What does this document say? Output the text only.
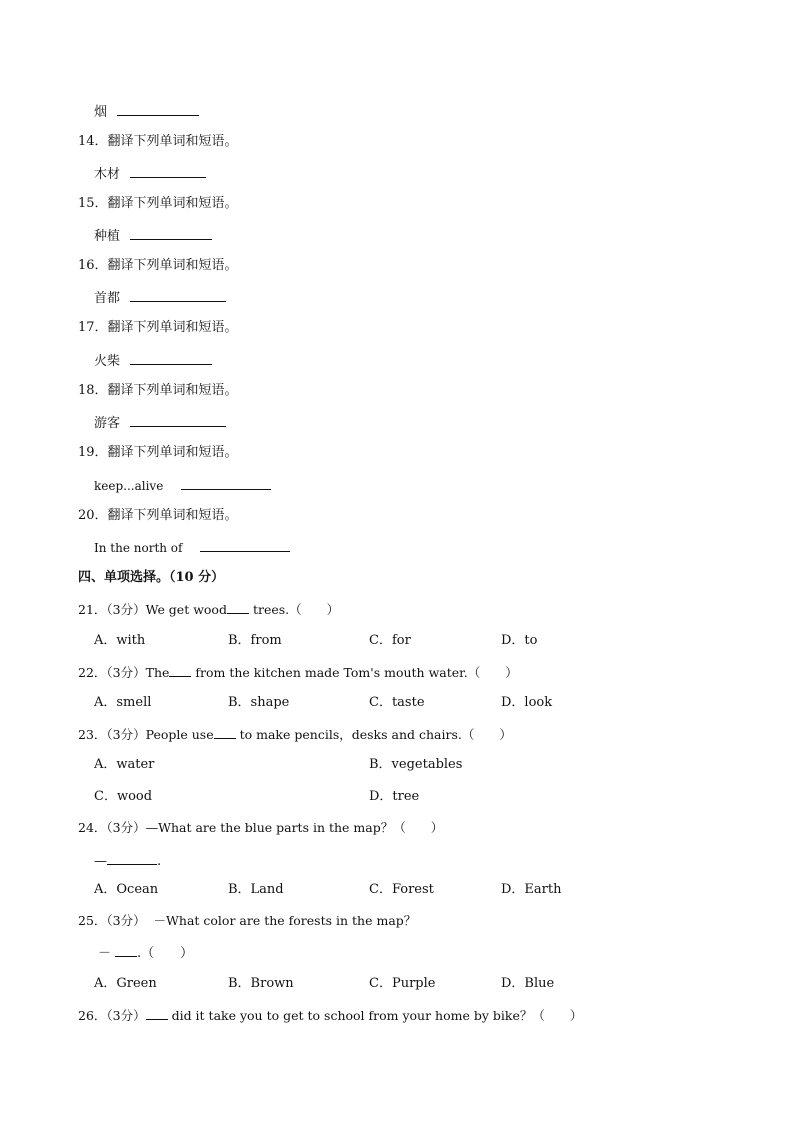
烟
14．翻译下列单词和短语。
木材
15．翻译下列单词和短语。
种植
16．翻译下列单词和短语。
首都
17．翻译下列单词和短语。
火柴
18．翻译下列单词和短语。
游客
19．翻译下列单词和短语。
keep...alive
20．翻译下列单词和短语。
In the north of
四、单项选择。（10 分）
21．（3分）We get wood trees.（　　）
A．with	B．from	C．for	D．to
22．（3分）The from the kitchen made Tom's mouth water.（　　）
A．smell	B．shape	C．taste	D．look
23．（3分）People use to make pencils，desks and chairs.（　　）
A．water	B．vegetables
C．wood	D．tree
24．（3分）—What are the blue parts in the map？（　　）
—	.
A．Ocean	B．Land	C．Forest	D．Earth
25．（3分）  －What color are the forests in the map？
－ .（　　）
A．Green	B．Brown	C．Purple	D．Blue
26．（3分） did it take you to get to school from your home by bike？（　　）
